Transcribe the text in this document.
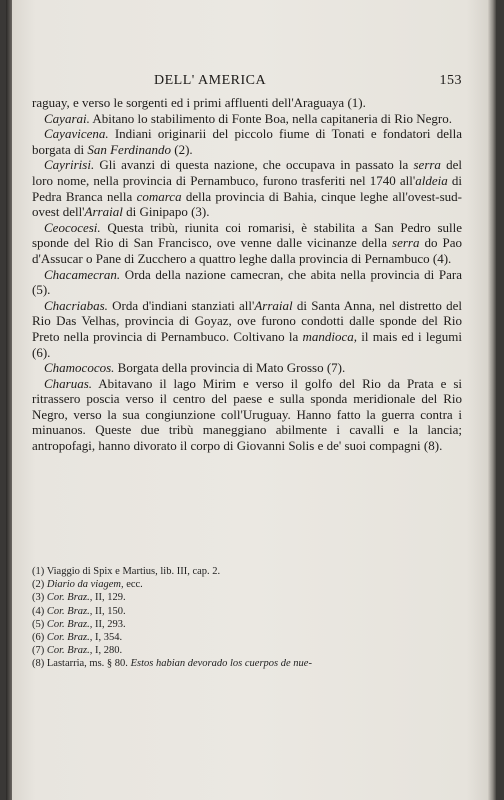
DELL' AMERICA	153

raguay, e verso le sorgenti ed i primi affluenti dell'Araguaya (1).

Cayarai. Abitano lo stabilimento di Fonte Boa, nella capitaneria di Rio Negro.

Cayavicena. Indiani originarii del piccolo fiume di Tonati e fondatori della borgata di San Ferdinando (2).

Cayririsi. Gli avanzi di questa nazione, che occupava in passato la serra del loro nome, nella provincia di Pernambuco, furono trasferiti nel 1740 all'aldeia di Pedra Branca nella comarca della provincia di Bahia, cinque leghe all'ovest-sud-ovest dell'Arraial di Ginipapo (3).

Ceococesi. Questa tribù, riunita coi romarisi, è stabilita a San Pedro sulle sponde del Rio di San Francisco, ove venne dalle vicinanze della serra do Pao d'Assucar o Pane di Zucchero a quattro leghe dalla provincia di Pernambuco (4).

Chacamecran. Orda della nazione camecran, che abita nella provincia di Para (5).

Chacriabas. Orda d'indiani stanziati all'Arraial di Santa Anna, nel distretto del Rio Das Velhas, provincia di Goyaz, ove furono condotti dalle sponde del Rio Preto nella provincia di Pernambuco. Coltivano la mandioca, il mais ed i legumi (6).

Chamococos. Borgata della provincia di Mato Grosso (7).

Charuas. Abitavano il lago Mirim e verso il golfo del Rio da Prata e si ritrassero poscia verso il centro del paese e sulla sponda meridionale del Rio Negro, verso la sua congiunzione coll'Uruguay. Hanno fatto la guerra contra i minuanos. Queste due tribù maneggiano abilmente i cavalli e la lancia; antropofagi, hanno divorato il corpo di Giovanni Solis e de' suoi compagni (8).

(1) Viaggio di Spix e Martius, lib. III, cap. 2.
(2) Diario da viagem, ecc.
(3) Cor. Braz., II, 129.
(4) Cor. Braz., II, 150.
(5) Cor. Braz., II, 293.
(6) Cor. Braz., I, 354.
(7) Cor. Braz., I, 280.
(8) Lastarria, ms. § 80. Estos habian devorado los cuerpos de nue-
